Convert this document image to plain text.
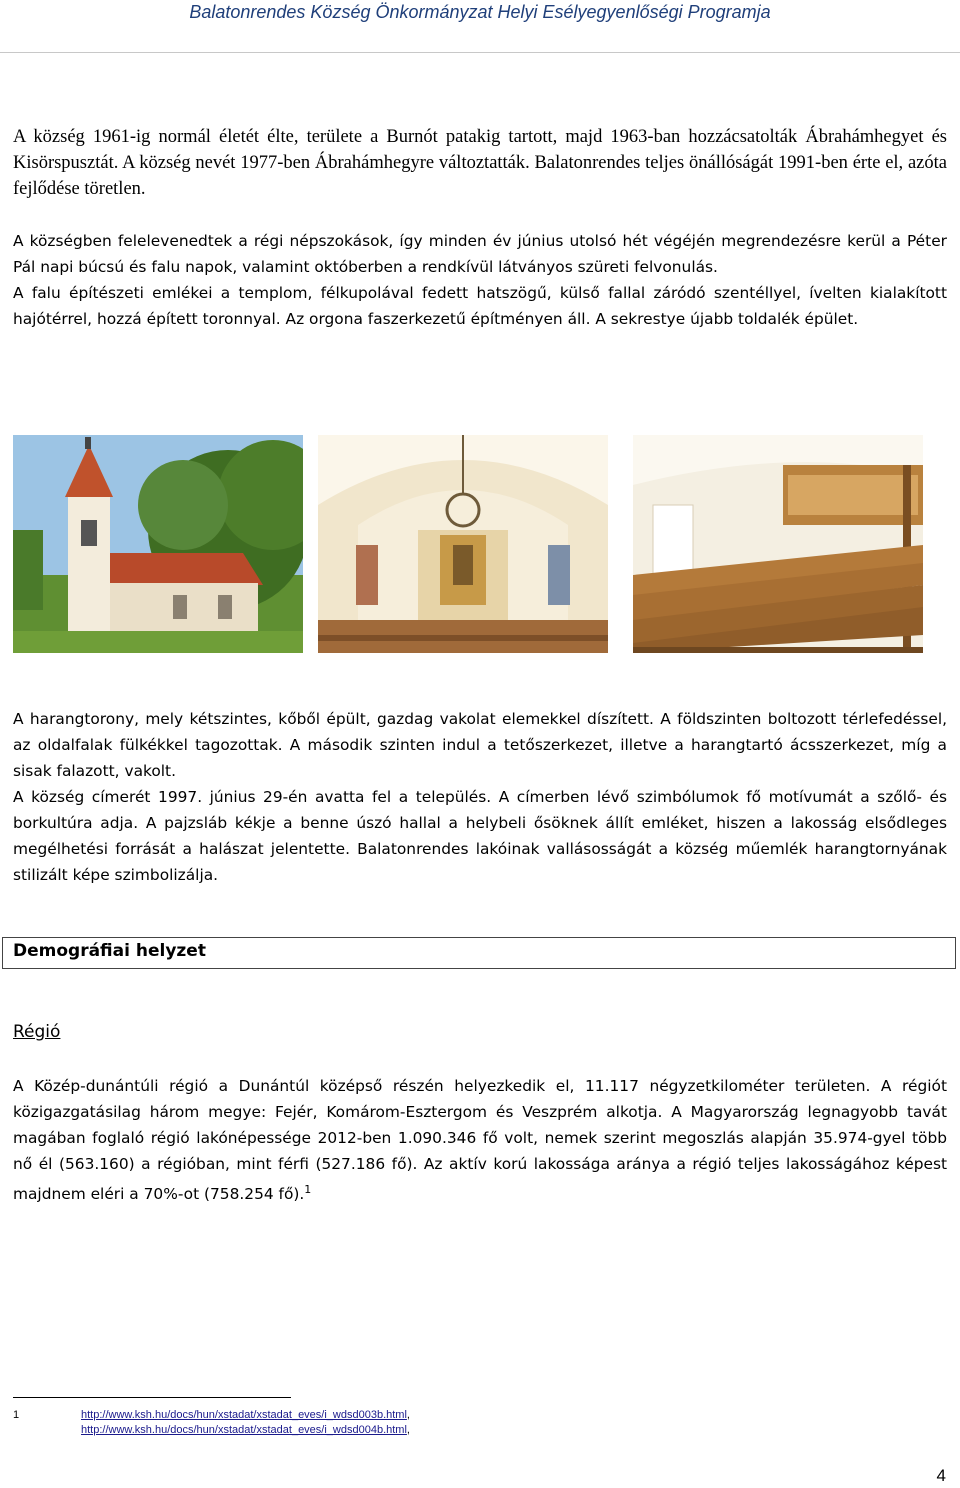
Balatonrendes Község Önkormányzat Helyi Esélyegyenlőségi Programja

A község 1961-ig normál életét élte, területe a Burnót patakig tartott, majd 1963-ban hozzácsatolták Ábrahámhegyet és Kisörspusztát. A község nevét 1977-ben Ábrahámhegyre változtatták. Balatonrendes teljes önállóságát 1991-ben érte el, azóta fejlődése töretlen.

A községben felelevenedtek a régi népszokások, így minden év június utolsó hét végéjén megrendezésre kerül a Péter Pál napi búcsú és falu napok, valamint októberben a rendkívül látványos szüreti felvonulás.

A falu építészeti emlékei a templom, félkupolával fedett hatszögű, külső fallal záródó szentéllyel, ívelten kialakított hajótérrel, hozzá épített toronnyal. Az orgona faszerkezetű építményen áll. A sekrestye újabb toldalék épület.

A harangtorony, mely kétszintes, kőből épült, gazdag vakolat elemekkel díszített. A földszinten boltozott térlefedéssel, az oldalfalak fülkékkel tagozottak. A második szinten indul a tetőszerkezet, illetve a harangtartó ácsszerkezet, míg a sisak falazott, vakolt.

A község címerét 1997. június 29-én avatta fel a település. A címerben lévő szimbólumok fő motívumát a szőlő- és borkultúra adja. A pajzsláb kékje a benne úszó hallal a helybeli ősöknek állít emléket, hiszen a lakosság elsődleges megélhetési forrását a halászat jelentette. Balatonrendes lakóinak vallásosságát a község műemlék harangtornyának stilizált képe szimbolizálja.

Demográfiai helyzet
Régió

A Közép-dunántúli régió a Dunántúl középső részén helyezkedik el, 11.117 négyzetkilométer területen. A régiót közigazgatásilag három megye: Fejér, Komárom-Esztergom és Veszprém alkotja. A Magyarország legnagyobb tavát magában foglaló régió lakónépessége 2012-ben 1.090.346 fő volt, nemek szerint megoszlás alapján 35.974-gyel több nő él (563.160) a régióban, mint férfi (527.186 fő). Az aktív korú lakossága aránya a régió teljes lakosságához képest majdnem eléri a 70%-ot (758.254 fő).$^1$

1	http://www.ksh.hu/docs/hun/xstadat/xstadat_eves/i_wdsd003b.html,
http://www.ksh.hu/docs/hun/xstadat/xstadat_eves/i_wdsd004b.html,
4
